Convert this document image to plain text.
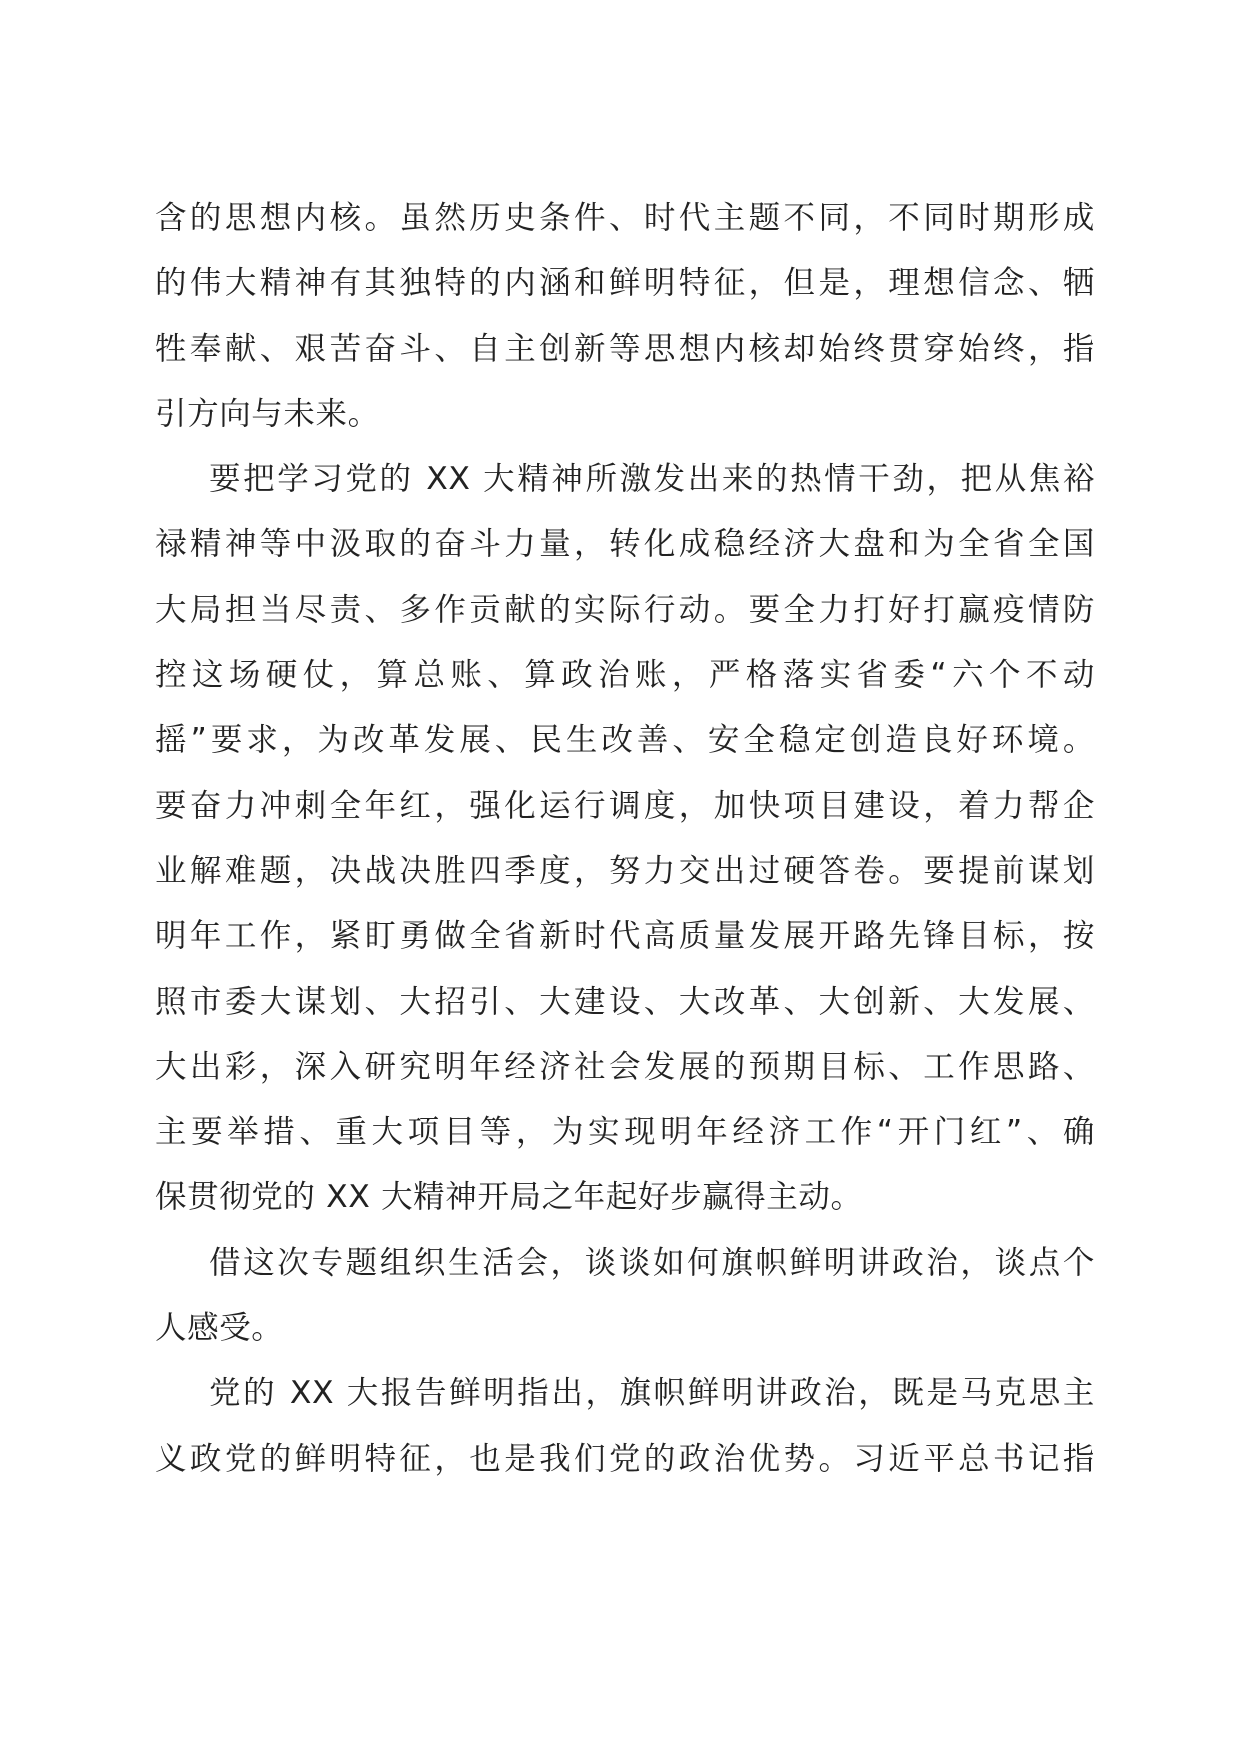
含的思想内核。虽然历史条件、时代主题不同，不同时期形成
的伟大精神有其独特的内涵和鲜明特征，但是，理想信念、牺
牲奉献、艰苦奋斗、自主创新等思想内核却始终贯穿始终，指
引方向与未来。
要把学习党的 XX 大精神所激发出来的热情干劲，把从焦裕
禄精神等中汲取的奋斗力量，转化成稳经济大盘和为全省全国
大局担当尽责、多作贡献的实际行动。要全力打好打赢疫情防
控这场硬仗，算总账、算政治账，严格落实省委“六个不动
摇”要求，为改革发展、民生改善、安全稳定创造良好环境。
要奋力冲刺全年红，强化运行调度，加快项目建设，着力帮企
业解难题，决战决胜四季度，努力交出过硬答卷。要提前谋划
明年工作，紧盯勇做全省新时代高质量发展开路先锋目标，按
照市委大谋划、大招引、大建设、大改革、大创新、大发展、
大出彩，深入研究明年经济社会发展的预期目标、工作思路、
主要举措、重大项目等，为实现明年经济工作“开门红”、确
保贯彻党的 XX 大精神开局之年起好步赢得主动。
借这次专题组织生活会，谈谈如何旗帜鲜明讲政治，谈点个
人感受。
党的 XX 大报告鲜明指出，旗帜鲜明讲政治，既是马克思主
义政党的鲜明特征，也是我们党的政治优势。习近平总书记指
